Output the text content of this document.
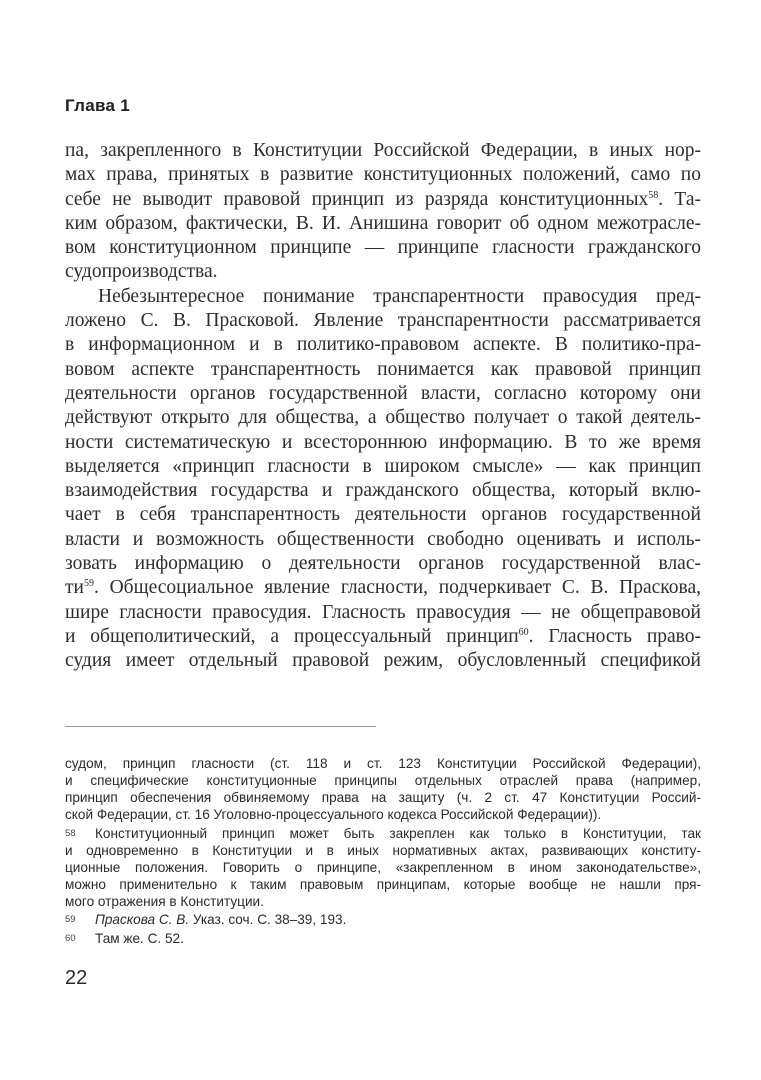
Глава 1
па, закрепленного в Конституции Российской Федерации, в иных нор-
мах права, принятых в развитие конституционных положений, само по
себе не выводит правовой принцип из разряда конституционных$^{58}$. Та-
ким образом, фактически, В. И. Анишина говорит об одном межотрасле-
вом конституционном принципе — принципе гласности гражданского
судопроизводства.
Небезынтересное понимание транспарентности правосудия пред-
ложено С. В. Прасковой. Явление транспарентности рассматривается
в информационном и в политико-правовом аспекте. В политико-пра-
вовом аспекте транспарентность понимается как правовой принцип
деятельности органов государственной власти, согласно которому они
действуют открыто для общества, а общество получает о такой деятель-
ности систематическую и всестороннюю информацию. В то же время
выделяется «принцип гласности в широком смысле» — как принцип
взаимодействия государства и гражданского общества, который вклю-
чает в себя транспарентность деятельности органов государственной
власти и возможность общественности свободно оценивать и исполь-
зовать информацию о деятельности органов государственной влас-
$ти^{59}$. Общесоциальное явление гласности, подчеркивает С. В. Праскова,
шире гласности правосудия. Гласность правосудия — не общеправовой
и общеполитический, а процессуальный принцип$^{60}$. Гласность право-
судия имеет отдельный правовой режим, обусловленный спецификой
судом, принцип гласности (ст. 118 и ст. 123 Конституции Российской Федерации),
и специфические конституционные принципы отдельных отраслей права (например,
принцип обеспечения обвиняемому права на защиту (ч. 2 ст. 47 Конституции Россий-
ской Федерации, ст. 16 Уголовно-процессуального кодекса Российской Федерации)).
58	Конституционный принцип может быть закреплен как только в Конституции, так
и одновременно в Конституции и в иных нормативных актах, развивающих конститу-
ционные положения. Говорить о принципе, «закрепленном в ином законодательстве»,
можно применительно к таким правовым принципам, которые вообще не нашли пря-
мого отражения в Конституции.
59	Праскова С. В. Указ. соч. С. 38–39, 193.
60	Там же. С. 52.
22
